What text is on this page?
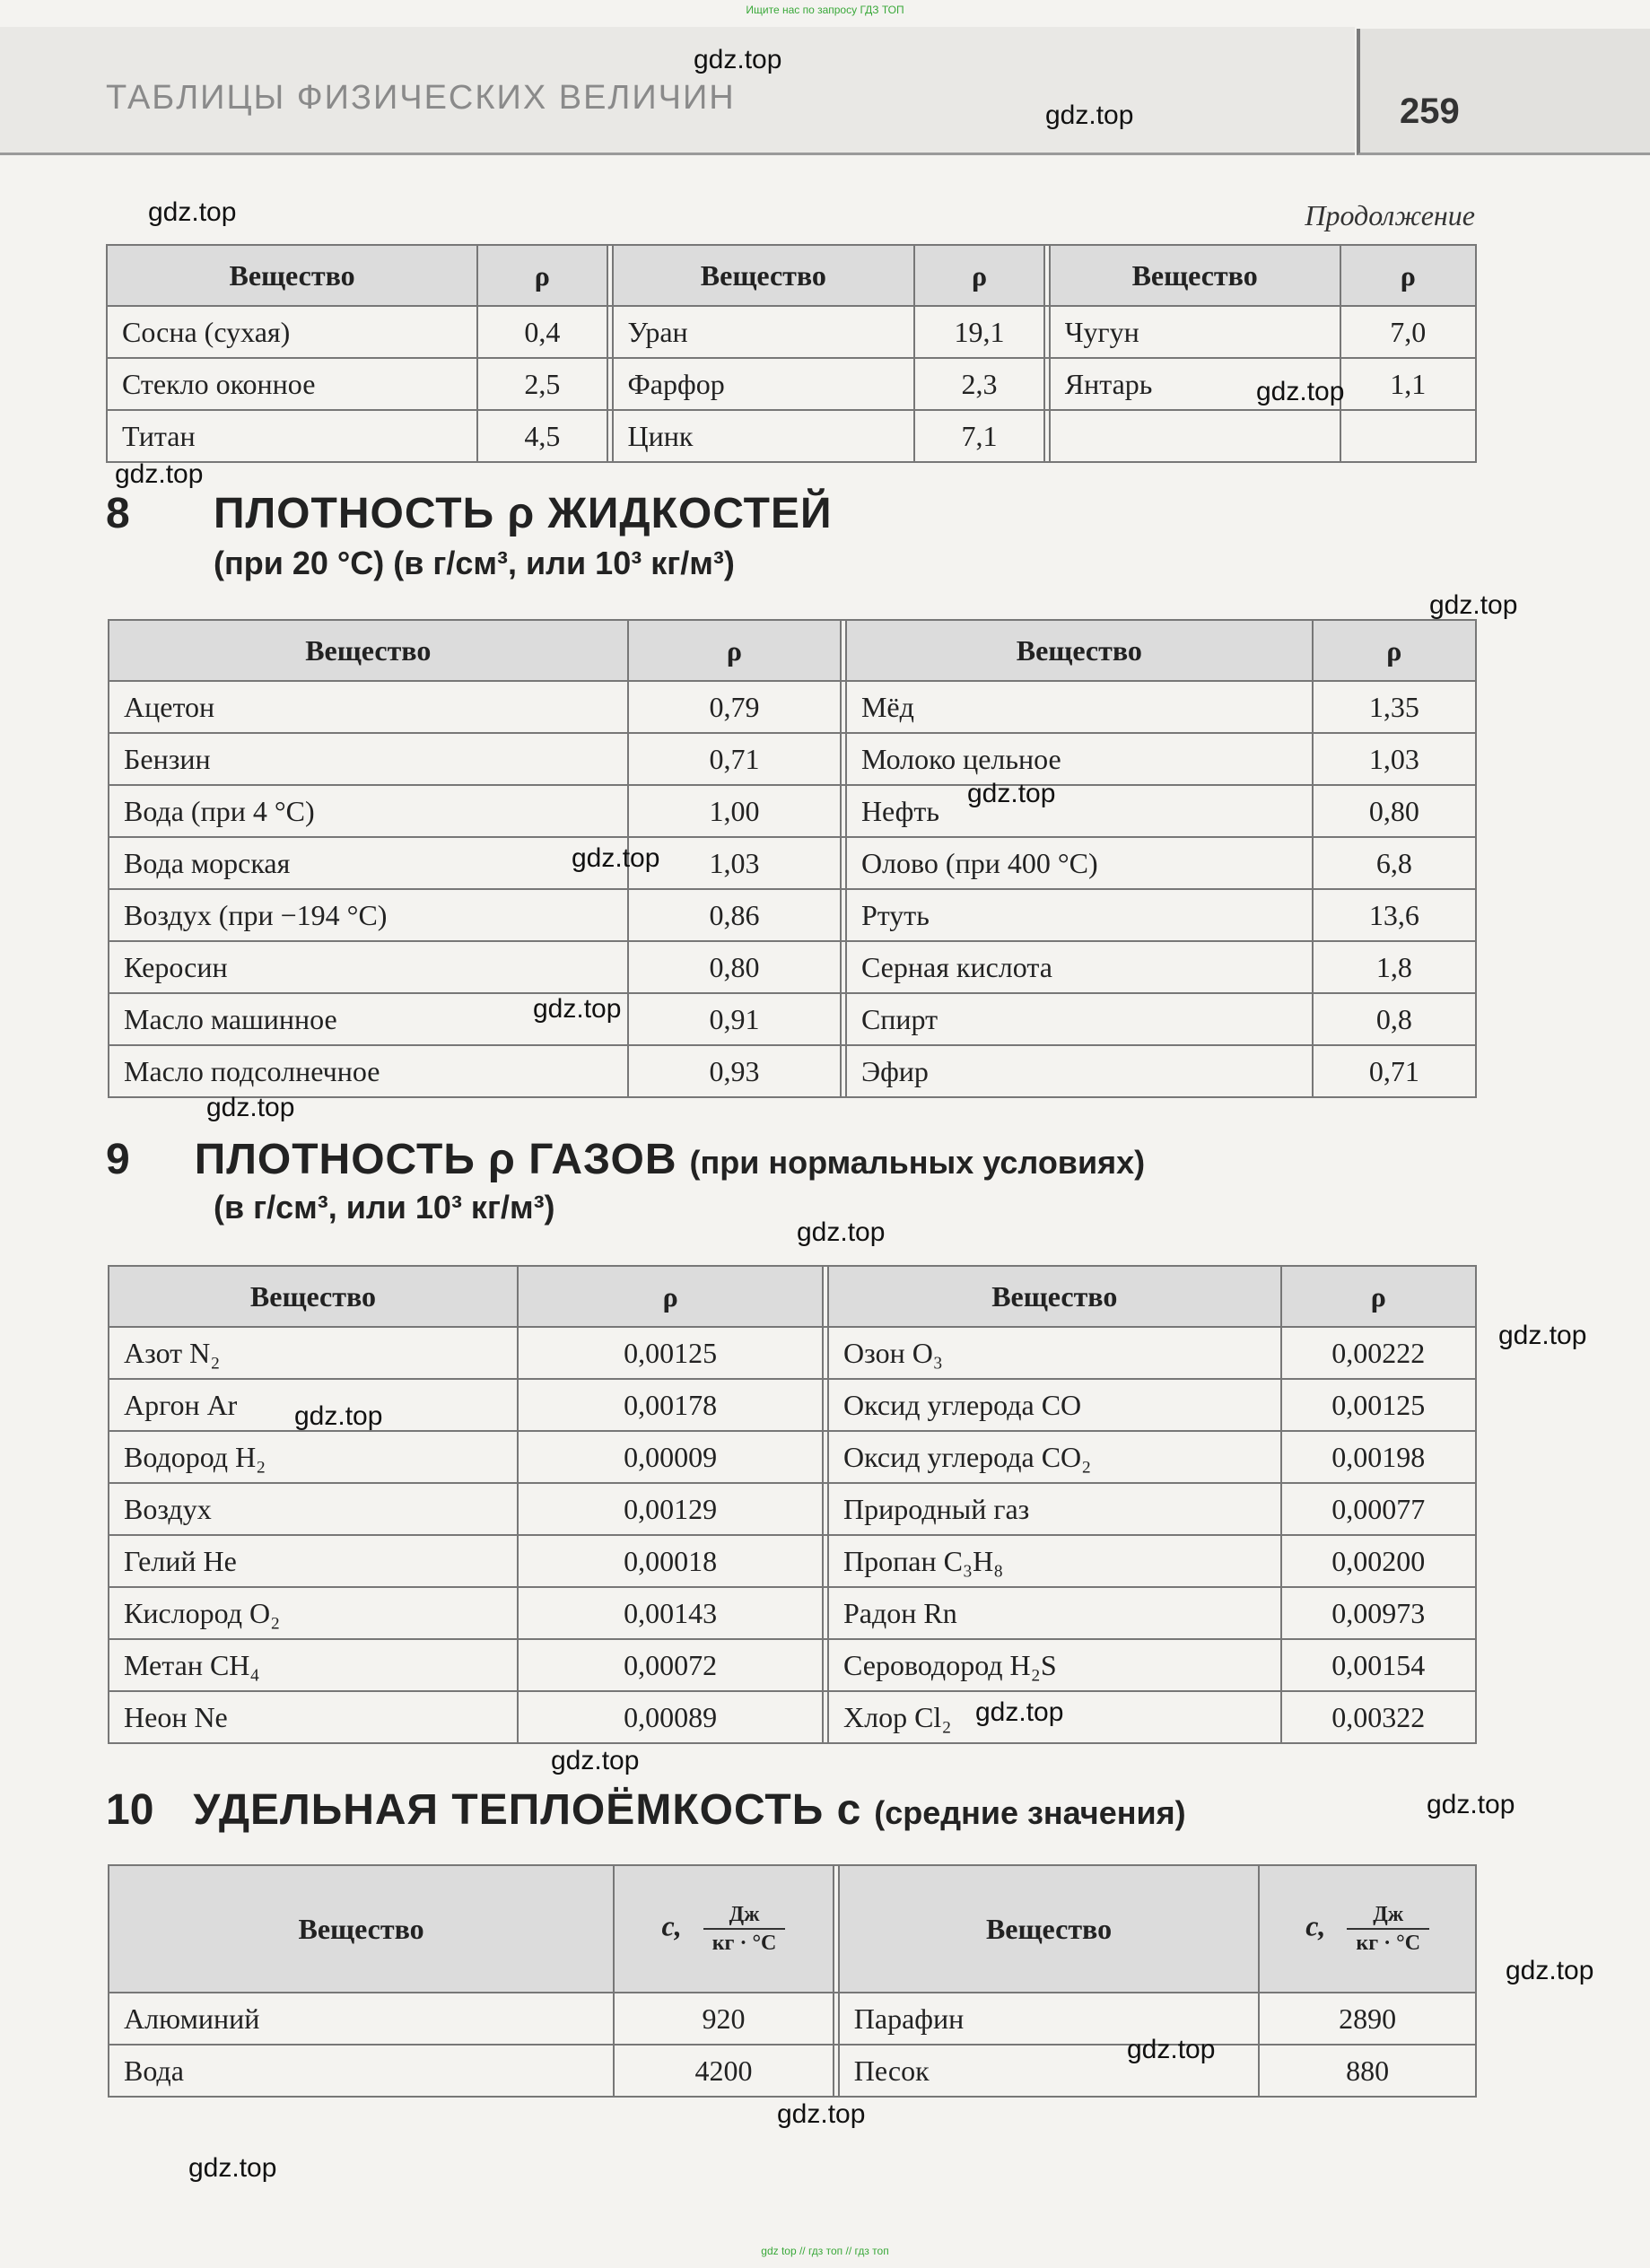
Ищите нас по запросу ГДЗ ТОП
ТАБЛИЦЫ ФИЗИЧЕСКИХ ВЕЛИЧИН	259
Продолжение
Вещество	ρ		Вещество	ρ		Вещество	ρ
Сосна (сухая)	0,4		Уран	19,1		Чугун	7,0
Стекло оконное	2,5		Фарфор	2,3		Янтарь	1,1
Титан	4,5		Цинк	7,1			
8 ПЛОТНОСТЬ ρ ЖИДКОСТЕЙ
(при 20 °С) (в г/см³, или 10³ кг/м³)
Вещество	ρ		Вещество	ρ
Ацетон	0,79		Мёд	1,35
Бензин	0,71		Молоко цельное	1,03
Вода (при 4 °С)	1,00		Нефть	0,80
Вода морская	1,03		Олово (при 400 °С)	6,8
Воздух (при −194 °С)	0,86		Ртуть	13,6
Керосин	0,80		Серная кислота	1,8
Масло машинное	0,91		Спирт	0,8
Масло подсолнечное	0,93		Эфир	0,71
9 ПЛОТНОСТЬ ρ ГАЗОВ (при нормальных условиях)
(в г/см³, или 10³ кг/м³)
Вещество	ρ		Вещество	ρ
Азот N₂	0,00125		Озон O₃	0,00222
Аргон Ar	0,00178		Оксид углерода CO	0,00125
Водород H₂	0,00009		Оксид углерода CO₂	0,00198
Воздух	0,00129		Природный газ	0,00077
Гелий He	0,00018		Пропан C₃H₈	0,00200
Кислород O₂	0,00143		Радон Rn	0,00973
Метан CH₄	0,00072		Сероводород H₂S	0,00154
Неон Ne	0,00089		Хлор Cl₂	0,00322
10 УДЕЛЬНАЯ ТЕПЛОЁМКОСТЬ c (средние значения)
Вещество	c, $\frac{Дж}{кг \cdot ^\circ С}$		Вещество	c, $\frac{Дж}{кг \cdot ^\circ С}$

Алюминий	920		Парафин	2890
Вода	4200		Песок	880
gdz.top
gdz.top
gdz.top
gdz.top
gdz.top
gdz.top
gdz.top
gdz.top
gdz.top
gdz.top
gdz.top
gdz.top
gdz.top
gdz.top
gdz.top
gdz.top
gdz.top
gdz.top
gdz.top
gdz.top
gdz top // гдз топ // гдз топ
